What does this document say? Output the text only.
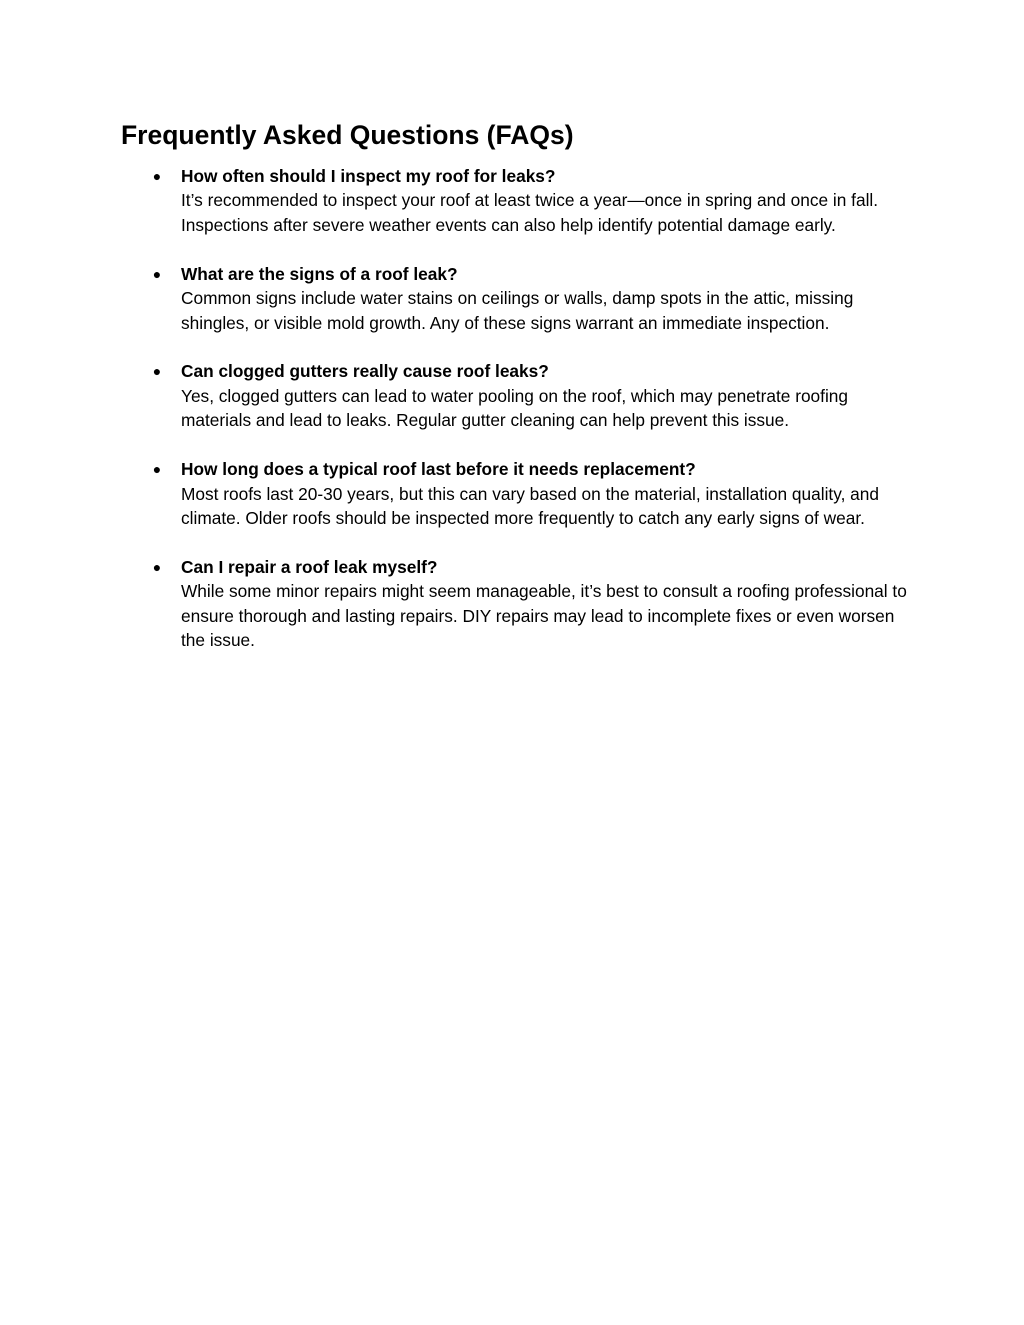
Frequently Asked Questions (FAQs)
● How often should I inspect my roof for leaks?
It’s recommended to inspect your roof at least twice a year—once in spring and once in fall. Inspections after severe weather events can also help identify potential damage early.
● What are the signs of a roof leak?
Common signs include water stains on ceilings or walls, damp spots in the attic, missing shingles, or visible mold growth. Any of these signs warrant an immediate inspection.
● Can clogged gutters really cause roof leaks?
Yes, clogged gutters can lead to water pooling on the roof, which may penetrate roofing materials and lead to leaks. Regular gutter cleaning can help prevent this issue.
● How long does a typical roof last before it needs replacement?
Most roofs last 20-30 years, but this can vary based on the material, installation quality, and climate. Older roofs should be inspected more frequently to catch any early signs of wear.
● Can I repair a roof leak myself?
While some minor repairs might seem manageable, it’s best to consult a roofing professional to ensure thorough and lasting repairs. DIY repairs may lead to incomplete fixes or even worsen the issue.
